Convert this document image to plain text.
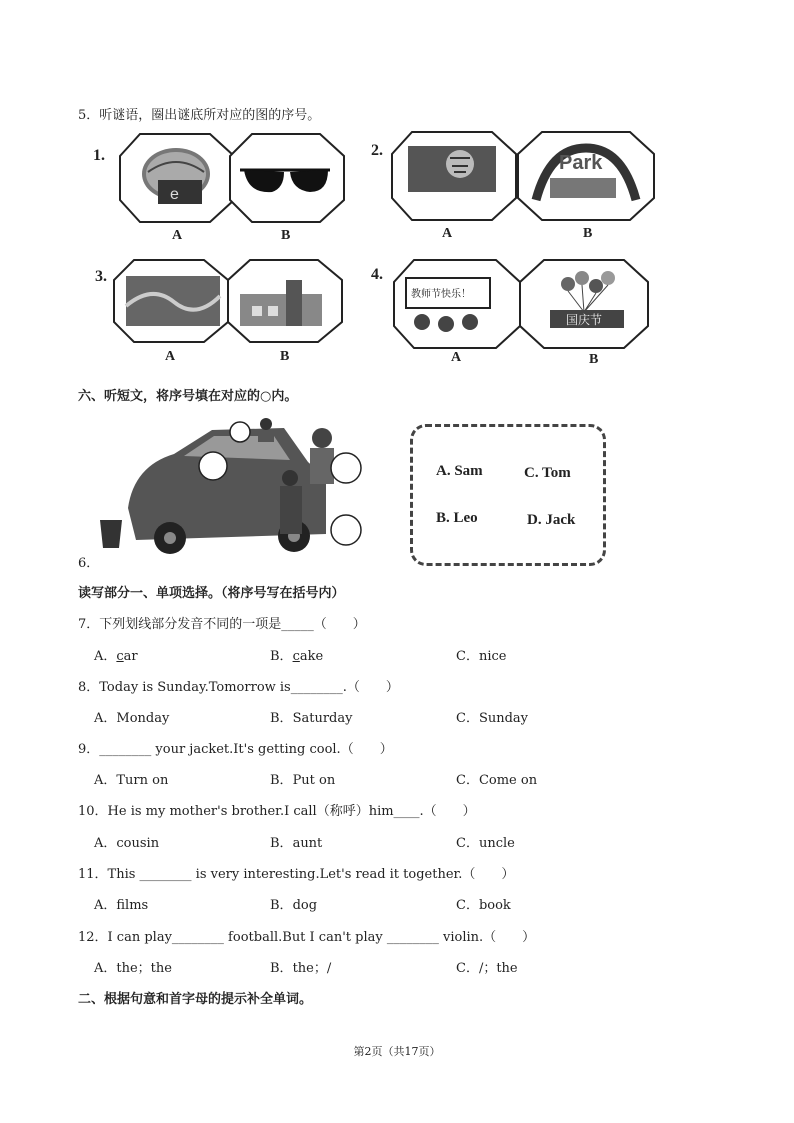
5．听谜语，圈出谜底所对应的图的序号。
1.
e
A	B
2.
Park
A	B
3.
A	B
4.
教师节快乐！
国庆节
A	B
六、听短文，将序号填在对应的○内。
A. Sam	C. Tom
B. Leo	D. Jack
6．
读写部分一、单项选择。（将序号写在括号内）
7．下列划线部分发音不同的一项是_____（　　）
A．car	B．cake	C．nice
8．Today is Sunday.Tomorrow is________.（　　）
A．Monday	B．Saturday	C．Sunday
9．________ your jacket.It's getting cool.（　　）
A．Turn on	B．Put on	C．Come on
10．He is my mother's brother.I call（称呼）him____.（　　）
A．cousin	B．aunt	C．uncle
11．This ________ is very interesting.Let's read it together.（　　）
A．films	B．dog	C．book
12．I can play________ football.But I can't play ________ violin.（　　）
A．the；the	B．the；/	C．/；the
二、根据句意和首字母的提示补全单词。
第2页（共17页）
